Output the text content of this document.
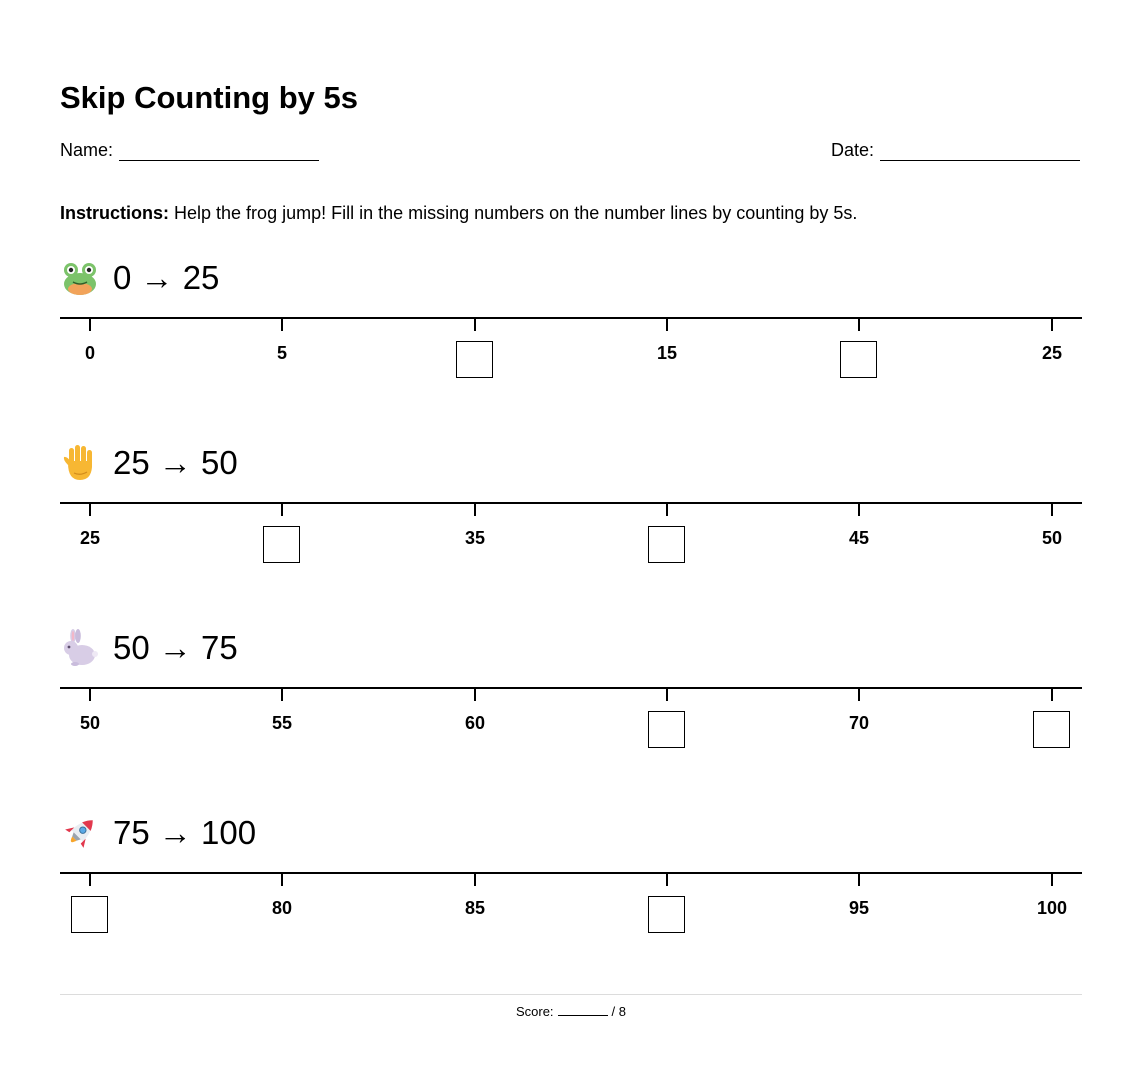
Skip Counting by 5s
Name:	Date:
Instructions: Help the frog jump! Fill in the missing numbers on the number lines by counting by 5s.
0 → 25
0	5	15	25
25 → 50
25	35	45	50
50 → 75
50	55	60	70
75 → 100
80	85	95	100
Score:	/ 8
